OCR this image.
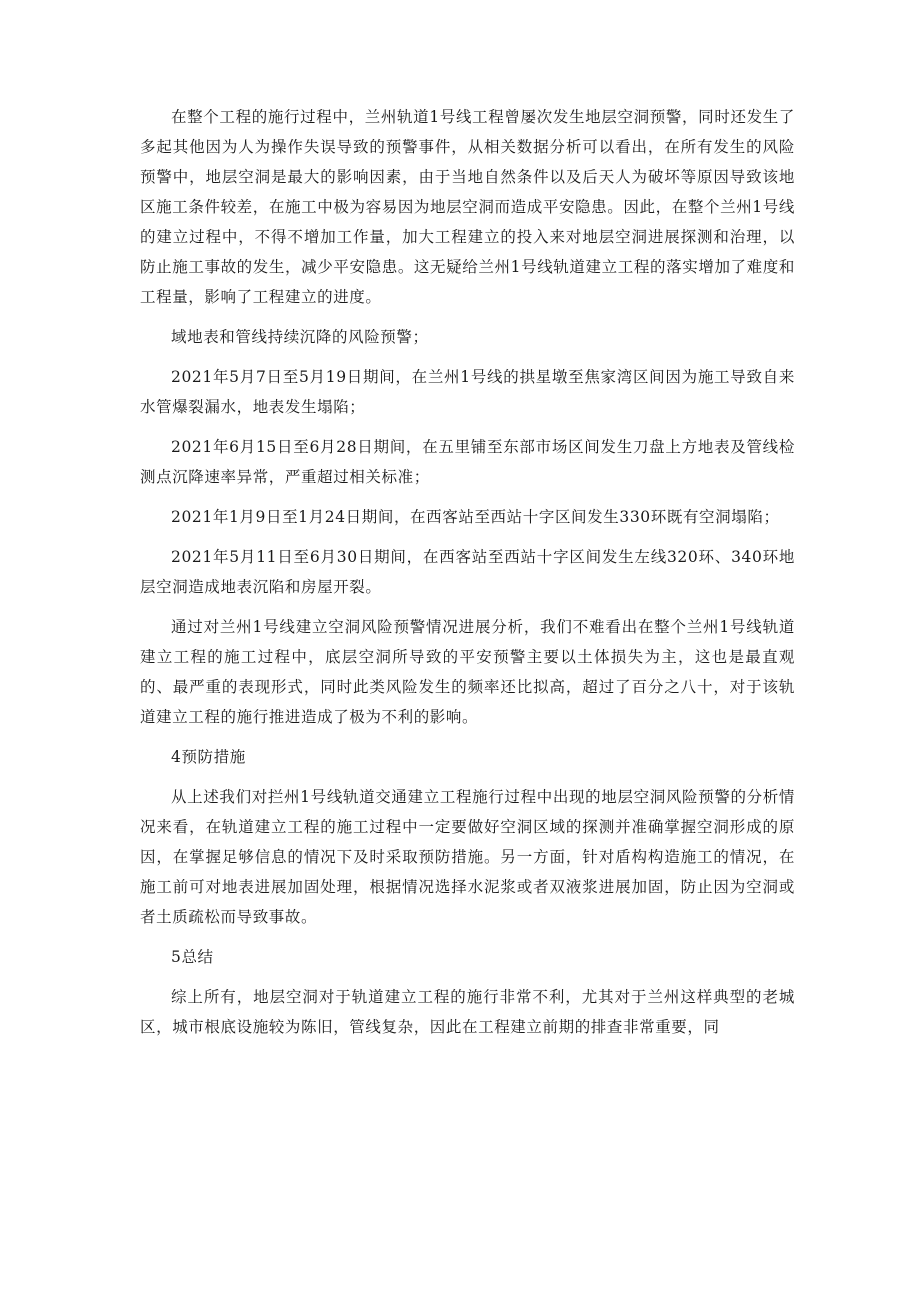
在整个工程的施行过程中，兰州轨道1号线工程曾屡次发生地层空洞预警，同时还发生了多起其他因为人为操作失误导致的预警事件，从相关数据分析可以看出，在所有发生的风险预警中，地层空洞是最大的影响因素，由于当地自然条件以及后天人为破坏等原因导致该地区施工条件较差，在施工中极为容易因为地层空洞而造成平安隐患。因此，在整个兰州1号线的建立过程中，不得不增加工作量，加大工程建立的投入来对地层空洞进展探测和治理，以防止施工事故的发生，减少平安隐患。这无疑给兰州1号线轨道建立工程的落实增加了难度和工程量，影响了工程建立的进度。

域地表和管线持续沉降的风险预警；

2021年5月7日至5月19日期间，在兰州1号线的拱星墩至焦家湾区间因为施工导致自来水管爆裂漏水，地表发生塌陷；

2021年6月15日至6月28日期间，在五里铺至东部市场区间发生刀盘上方地表及管线检测点沉降速率异常，严重超过相关标准；

2021年1月9日至1月24日期间，在西客站至西站十字区间发生330环既有空洞塌陷；

2021年5月11日至6月30日期间，在西客站至西站十字区间发生左线320环、340环地层空洞造成地表沉陷和房屋开裂。

通过对兰州1号线建立空洞风险预警情况进展分析，我们不难看出在整个兰州1号线轨道建立工程的施工过程中，底层空洞所导致的平安预警主要以土体损失为主，这也是最直观的、最严重的表现形式，同时此类风险发生的频率还比拟高，超过了百分之八十，对于该轨道建立工程的施行推进造成了极为不利的影响。

4预防措施

从上述我们对拦州1号线轨道交通建立工程施行过程中出现的地层空洞风险预警的分析情况来看，在轨道建立工程的施工过程中一定要做好空洞区域的探测并准确掌握空洞形成的原因，在掌握足够信息的情况下及时采取预防措施。另一方面，针对盾构构造施工的情况，在施工前可对地表进展加固处理，根据情况选择水泥浆或者双液浆进展加固，防止因为空洞或者土质疏松而导致事故。

5总结

综上所有，地层空洞对于轨道建立工程的施行非常不利，尤其对于兰州这样典型的老城区，城市根底设施较为陈旧，管线复杂，因此在工程建立前期的排查非常重要，同
